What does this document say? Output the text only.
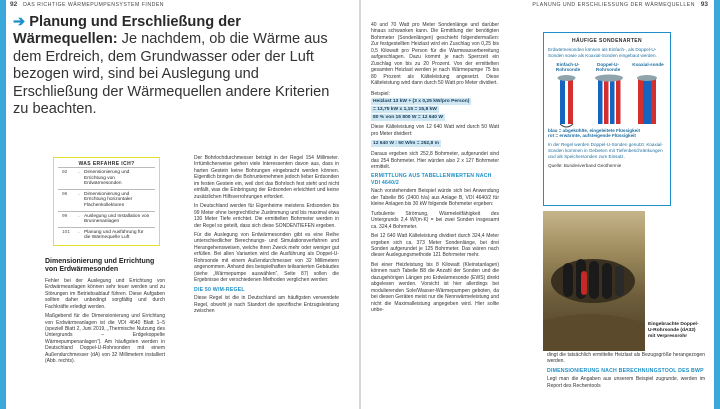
92 DAS RICHTIGE WÄRMEPUMPENSYSTEM FINDEN
➔ Planung und Erschließung der Wärmequellen: Je nachdem, ob die Wärme aus dem Erdreich, dem Grundwasser oder der Luft bezogen wird, sind bei Auslegung und Erschließung der Wärmequellen andere Kriterien zu beachten.
WAS ERFAHRE ICH?
92	→ Dimensionierung und Errichtung von Erdwärmesonden
96	→ Dimensionierung und Errichtung horizontaler Flächenkollektoren
99	→ Auslegung und Installation von Brunnenanlagen
101	→ Planung und Ausführung für die Wärmequelle Luft
Dimensionierung und Errichtung von Erdwärmesonden

Fehler bei der Auslegung und Errichtung von Erdwärmeanlagen können sehr teuer werden und zu Störungen im Betriebsablauf führen. Diese Aufgaben sollten daher unbedingt sorgfältig und durch Fachkräfte erledigt werden.

Maßgebend für die Dimensionierung und Errichtung von Erdwärmeanlagen ist die VDI 4640 Blatt 1–5 (speziell Blatt 2, Juni 2019, „Thermische Nutzung des Untergrunds – Erdgekoppelte Wärmepumpenanlagen“). Am häufigsten werden in Deutschland Doppel-U-Rohrsonden mit einem Außendurchmesser (dA) von 32 Millimetern installiert (Abb. rechts).

Der Bohrlochdurchmesser beträgt in der Regel 154 Millimeter. Irrtümlicherweise gehen viele Interessenten davon aus, dass in harten Gestein keine Bohrungen eingebracht werden können. Eigentlich bringen die Bohrunternehmen jedoch lieber Erdsonden im festen Gestein ein, weil dort das Bohrloch fest steht und nicht einfällt, was die Einbringung der Erdsonden erleichtert und keine zusätzlichen Hilfsverrohrungen erfordert.

In Deutschland werden für Eigenheime meistens Erdsonden bis 99 Meter ohne bergrechtliche Zustimmung und bis maximal etwa 130 Meter Tiefe errichtet. Die ermittelten Bohrmeter werden in der Regel so geteilt, dass sich diese SONDENTIEFEN ergeben.

Für die Auslegung von Erdwärmesonden gibt es eine Reihe unterschiedlicher Berechnungs- und Simulationsverfahren und Herangehensweisen, welche ihren Zweck mehr oder weniger gut erfüllen. Bei allen Varianten wird die Ausführung als Doppel-U-Rohrsonde mit einem Außendurchmesser von 32 Millimetern angenommen. Anhand des beispielhaften teilsanierten Gebäudes (siehe „Wärmepumpe auswählen“, Seite 87) sollen die Ergebnisse der verschiedenen Methoden verglichen werden:

DIE 50 W/M-REGEL

Diese Regel ist die in Deutschland am häufigsten verwendete Regel, obwohl je nach Standort die spezifische Entzugsleistung zwischen

PLANUNG UND ERSCHLIESSUNG DER WÄRMEQUELLEN 93

40 und 70 Watt pro Meter Sondenlänge und darüber hinaus schwanken kann. Die Ermittlung der benötigten Bohrmeter (Sondenlängen) geschieht folgendermaßen: Zur festgestellten Heizlast wird ein Zuschlag von 0,25 bis 0,5 Kilowatt pro Person für die Warmwasserbereitung aufgeschlagen. Dazu kommt je nach Sperrzeit ein Zuschlag von bis zu 20 Prozent. Von der ermittelten gesamten Heizlast werden je nach Wärmepumpe 75 bis 80 Prozent als Kälteleistung angesetzt. Diese Kälteleistung wird dann durch 50 Watt pro Meter dividiert.

Beispiel:
Heizlast 13 kW + (3 x 0,25 kW/pro Person)
= 13,75 kW x 1,15 = 15,8 kW
80 % von 15 800 W = 12 640 W

Diese Kälteleistung von 12 640 Watt wird durch 50 Watt pro Meter dividiert:

12 640 W : 50 W/m = 252,8 m

Daraus ergeben sich 252,8 Bohrmeter, aufgerundet sind das 254 Bohrmeter. Hier würden also 2 x 127 Bohrmeter ermittelt.

ERMITTLUNG AUS TABELLENWERTEN NACH VDI 4640/2

Nach vorstehendem Beispiel würde sich bei Anwendung der Tabelle B6 (2400 h/a) aus Anlage B, VDI 4640/2 für kleine Anlagen bis 30 kW folgende Bohrmeter ergeben:

Turbulente Strömung, Wärmeleitfähigkeit des Untergrunds 2,4 W/(m·K) = bei zwei Sonden insgesamt ca. 324,4 Bohrmeter.

Bei 12 640 Watt Kälteleistung dividiert durch 324,4 Meter ergeben sich ca. 373 Meter Sondenlänge, bei drei Sonden aufgerundet je 125 Bohrmeter. Das wären nach dieser Auslegungsmethode 121 Bohrmeter mehr.

Bei einer Heizleistung bis 8 Kilowatt (Kleinstanlagen) können nach Tabelle B8 die Anzahl der Sonden und die dazugehörigen Längen pro Erdwärmesonde (EWS) direkt abgelesen werden. Vorsicht ist hier allerdings bei modulierenden Sole/Wasser-Wärmepumpen geboten, da bei diesen Geräten meist nur die Nennwärmeleistung und nicht die Maximalleistung angegeben wird. Hier sollte unbe-

dingt die tatsächlich ermittelte Heizlast als Bezugsgröße herangezogen werden.

DIMENSIONIERUNG NACH BERECHNUNGSTOOL DES BWP

Legt man die Angaben aus unserem Beispiel zugrunde, werden im Report des Rechentools

HÄUFIGE SONDENARTEN

Erdwärmesonden können als Einfach-, als Doppel-U-Sonden sowie als Koaxial-Sonden eingebaut werden.

Einfach-U-Rohrsonde
Doppel-U-Rohrsonde
Koaxial-sonde

blau = abgekühlte, eingeleitete Flüssigkeit
rot = erwärmte, aufsteigende Flüssigkeit

In der Regel werden Doppel-U-Sonden genutzt. Koaxial-Sonden kommen in Gebieten mit Tiefenbeschränkungen und als Speichersonden zum Einsatz.

Quelle: Bundesverband Geothermie

Eingebrachte Doppel-U-Rohrsonde (dA32) mit Verpressrohr
